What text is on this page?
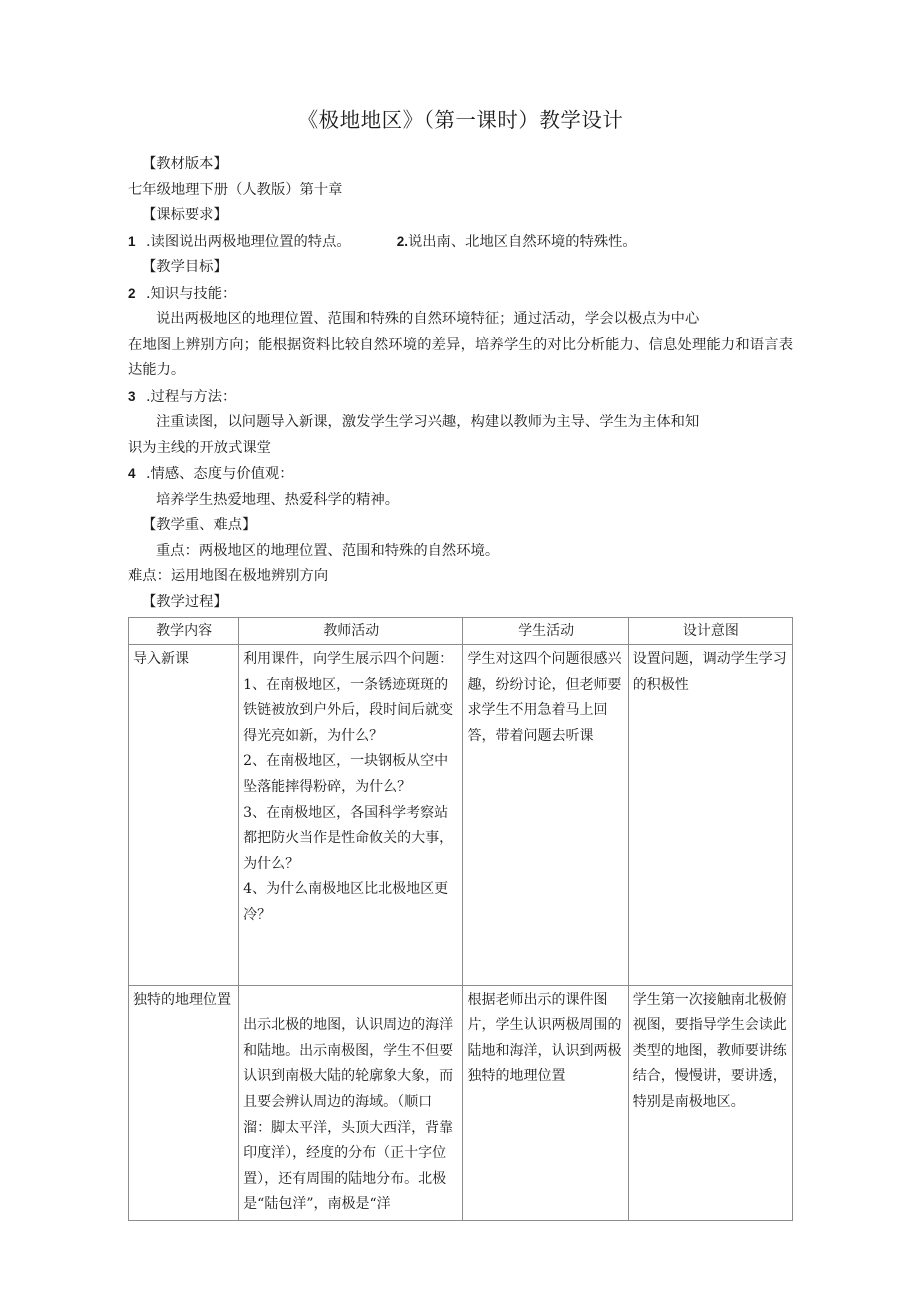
《极地地区》（第一课时）教学设计

【教材版本】

七年级地理下册（人教版）第十章

【课标要求】

1 .读图说出两极地理位置的特点。	2.说出南、北地区自然环境的特殊性。

【教学目标】

2 .知识与技能：

说出两极地区的地理位置、范围和特殊的自然环境特征；通过活动，学会以极点为中心

在地图上辨别方向；能根据资料比较自然环境的差异，培养学生的对比分析能力、信息处理能力和语言表达能力。

3 .过程与方法：

注重读图，以问题导入新课，激发学生学习兴趣，构建以教师为主导、学生为主体和知

识为主线的开放式课堂

4 .情感、态度与价值观：

培养学生热爱地理、热爱科学的精神。

【教学重、难点】

重点：两极地区的地理位置、范围和特殊的自然环境。

难点：运用地图在极地辨别方向

【教学过程】

教学内容	教师活动	学生活动	设计意图

导入新课	利用课件，向学生展示四个问题：

1、在南极地区，一条锈迹斑斑的铁链被放到户外后，段时间后就变得光亮如新，为什么？

2、在南极地区，一块钢板从空中坠落能摔得粉碎，为什么？

3、在南极地区，各国科学考察站都把防火当作是性命攸关的大事，为什么？

4、为什么南极地区比北极地区更冷？	学生对这四个问题很感兴趣，纷纷讨论，但老师要求学生不用急着马上回答，带着问题去听课	设置问题，调动学生学习的积极性

独特的地理位置	出示北极的地图，认识周边的海洋和陆地。出示南极图，学生不但要认识到南极大陆的轮廓象大象，而且要会辨认周边的海域。（顺口溜：脚太平洋，头顶大西洋，背靠印度洋），经度的分布（正十字位置），还有周围的陆地分布。北极是“陆包洋”，南极是“洋	根据老师出示的课件图片，学生认识两极周围的陆地和海洋，认识到两极独特的地理位置	学生第一次接触南北极俯视图，要指导学生会读此类型的地图，教师要讲练结合，慢慢讲，要讲透，特别是南极地区。
